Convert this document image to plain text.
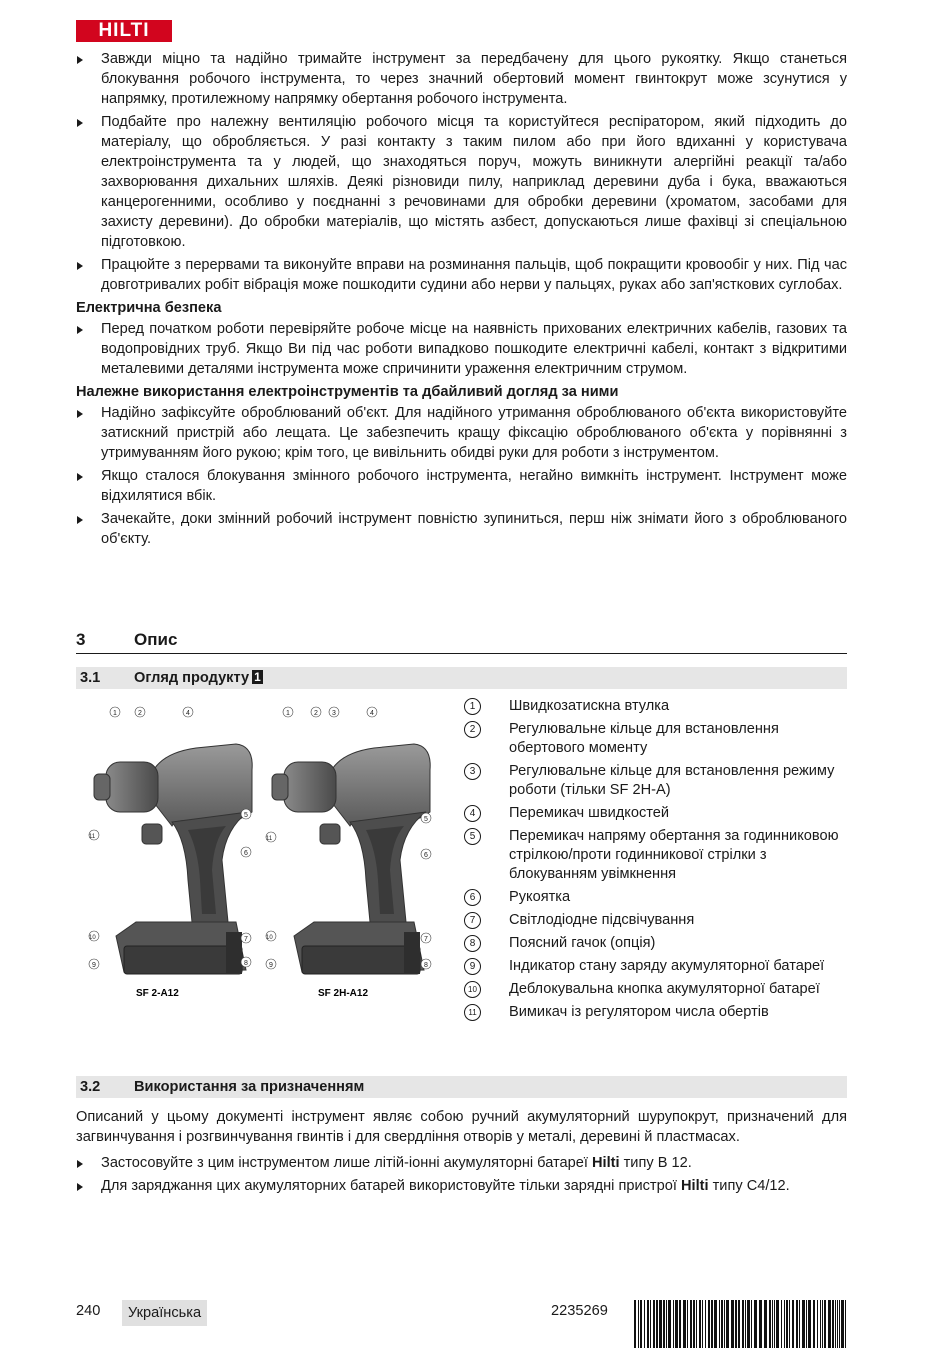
HILTI
Завжди міцно та надійно тримайте інструмент за передбачену для цього рукоятку. Якщо станеться блокування робочого інструмента, то через значний обертовий момент гвинтокрут може зсунутися у напрямку, протилежному напрямку обертання робочого інструмента.
Подбайте про належну вентиляцію робочого місця та користуйтеся респіратором, який підходить до матеріалу, що обробляється. У разі контакту з таким пилом або при його вдиханні у користувача електроінструмента та у людей, що знаходяться поруч, можуть виникнути алергійні реакції та/або захворювання дихальних шляхів. Деякі різновиди пилу, наприклад деревини дуба і бука, вважаються канцерогенними, особливо у поєднанні з речовинами для обробки деревини (хроматом, засобами для захисту деревини). До обробки матеріалів, що містять азбест, допускаються лише фахівці зі спеціальною підготовкою.
Працюйте з перервами та виконуйте вправи на розминання пальців, щоб покращити кровообіг у них. Під час довготривалих робіт вібрація може пошкодити судини або нерви у пальцях, руках або зап'ясткових суглобах.
Електрична безпека
Перед початком роботи перевіряйте робоче місце на наявність прихованих електричних кабелів, газових та водопровідних труб. Якщо Ви під час роботи випадково пошкодите електричні кабелі, контакт з відкритими металевими деталями інструмента може спричинити ураження електричним струмом.
Належне використання електроінструментів та дбайливий догляд за ними
Надійно зафіксуйте оброблюваний об'єкт. Для надійного утримання оброблюваного об'єкта використовуйте затискний пристрій або лещата. Це забезпечить кращу фіксацію оброблюваного об'єкта у порівнянні з утримуванням його рукою; крім того, це вивільнить обидві руки для роботи з інструментом.
Якщо сталося блокування змінного робочого інструмента, негайно вимкніть інструмент. Інструмент може відхилятися вбік.
Зачекайте, доки змінний робочий інструмент повністю зупиниться, перш ніж знімати його з оброблюваного об'єкту.
3	Опис
3.1 Огляд продукту 1
SF 2-A12	SF 2H-A12
1	2	4
5
6
11
10
9
7
8
1	2 3	4
5
6
11
10
9
7
8
1	Швидкозатискна втулка
2	Регулювальне кільце для встановлення обертового моменту
3	Регулювальне кільце для встановлення режиму роботи (тільки SF 2H-A)
4	Перемикач швидкостей
5	Перемикач напряму обертання за годинниковою стрілкою/проти годинникової стрілки з блокуванням увімкнення
6	Рукоятка
7	Світлодіодне підсвічування
8	Поясний гачок (опція)
9	Індикатор стану заряду акумуляторної батареї
10 Деблокувальна кнопка акумуляторної батареї
11 Вимикач із регулятором числа обертів
3.2 Використання за призначенням
Описаний у цьому документі інструмент являє собою ручний акумуляторний шурупокрут, призначений для загвинчування і розгвинчування гвинтів і для свердління отворів у металі, деревині й пластмасах.
Застосовуйте з цим інструментом лише літій-іонні акумуляторні батареї Hilti типу B 12.
Для заряджання цих акумуляторних батарей використовуйте тільки зарядні пристрої Hilti типу C4/12.
240	Українська	2235269
